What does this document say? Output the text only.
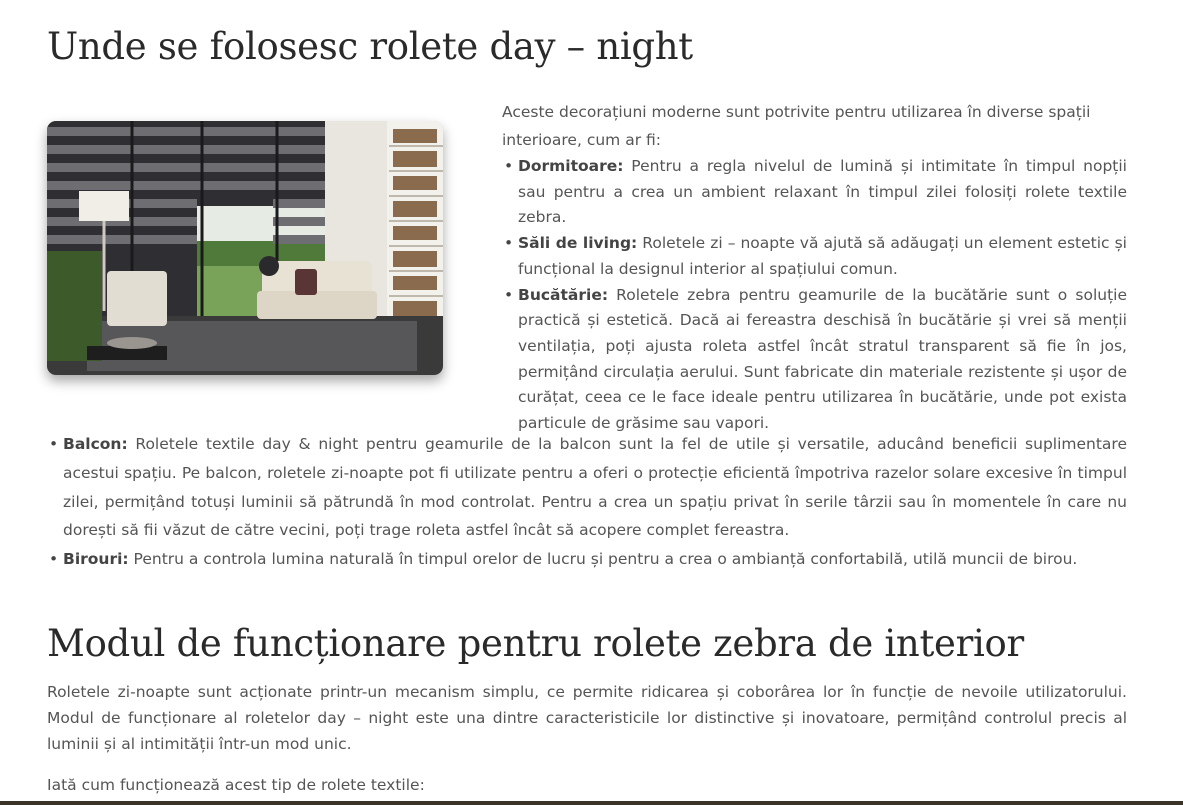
Unde se folosesc rolete day – night

Aceste decorațiuni moderne sunt potrivite pentru utilizarea în diverse spații interioare, cum ar fi:

• Dormitoare: Pentru a regla nivelul de lumină și intimitate în timpul nopții sau pentru a crea un ambient relaxant în timpul zilei folosiți rolete textile zebra.
• Săli de living: Roletele zi – noapte vă ajută să adăugați un element estetic și funcțional la designul interior al spațiului comun.
• Bucătărie: Roletele zebra pentru geamurile de la bucătărie sunt o soluție practică și estetică. Dacă ai fereastra deschisă în bucătărie și vrei să menții ventilația, poți ajusta roleta astfel încât stratul transparent să fie în jos, permițând circulația aerului. Sunt fabricate din materiale rezistente și ușor de curățat, ceea ce le face ideale pentru utilizarea în bucătărie, unde pot exista particule de grăsime sau vapori.
• Balcon: Roletele textile day & night pentru geamurile de la balcon sunt la fel de utile și versatile, aducând beneficii suplimentare acestui spațiu. Pe balcon, roletele zi-noapte pot fi utilizate pentru a oferi o protecție eficientă împotriva razelor solare excesive în timpul zilei, permițând totuși luminii să pătrundă în mod controlat. Pentru a crea un spațiu privat în serile târzii sau în momentele în care nu dorești să fii văzut de către vecini, poți trage roleta astfel încât să acopere complet fereastra.
• Birouri: Pentru a controla lumina naturală în timpul orelor de lucru și pentru a crea o ambianță confortabilă, utilă muncii de birou.
Modul de funcționare pentru rolete zebra de interior

Roletele zi-noapte sunt acționate printr-un mecanism simplu, ce permite ridicarea și coborârea lor în funcție de nevoile utilizatorului. Modul de funcționare al roletelor day – night este una dintre caracteristicile lor distinctive și inovatoare, permițând controlul precis al luminii și al intimității într-un mod unic.

Iată cum funcționează acest tip de rolete textile:
